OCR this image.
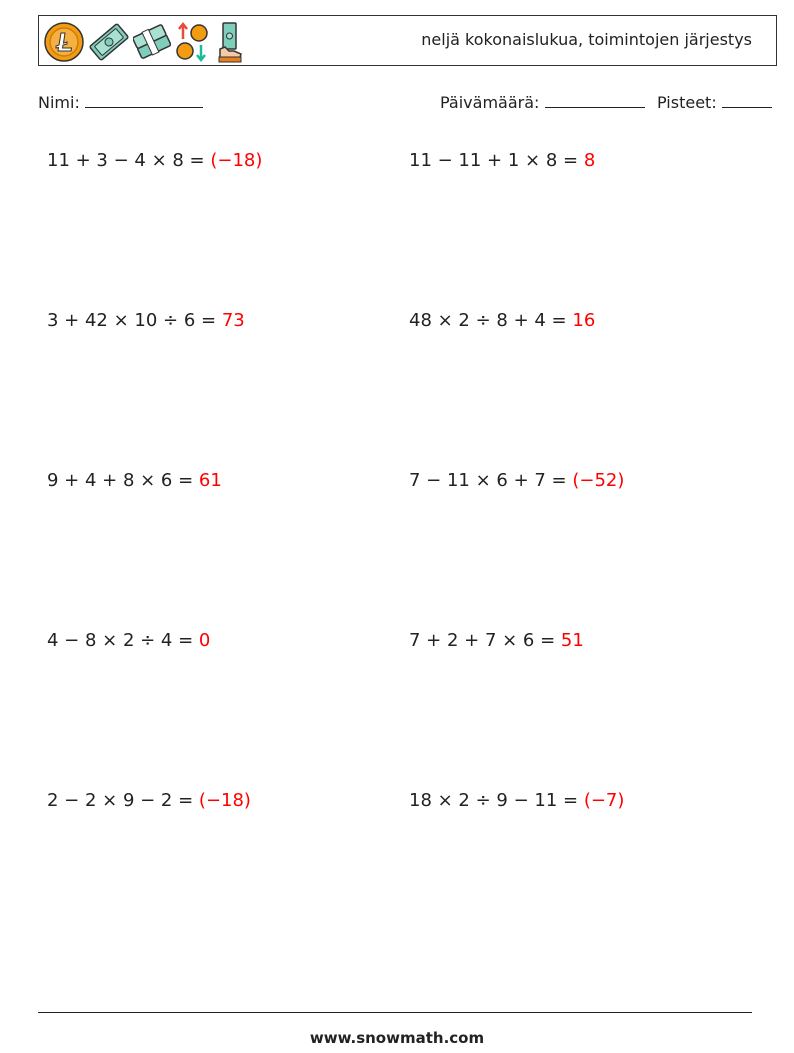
neljä kokonaislukua, toimintojen järjestys
Nimi:	Päivämäärä:	Pisteet:
11 + 3 − 4 × 8 = (−18)	11 − 11 + 1 × 8 = 8
3 + 42 × 10 ÷ 6 = 73	48 × 2 ÷ 8 + 4 = 16
9 + 4 + 8 × 6 = 61	7 − 11 × 6 + 7 = (−52)
4 − 8 × 2 ÷ 4 = 0	7 + 2 + 7 × 6 = 51
2 − 2 × 9 − 2 = (−18)	18 × 2 ÷ 9 − 11 = (−7)
www.snowmath.com
